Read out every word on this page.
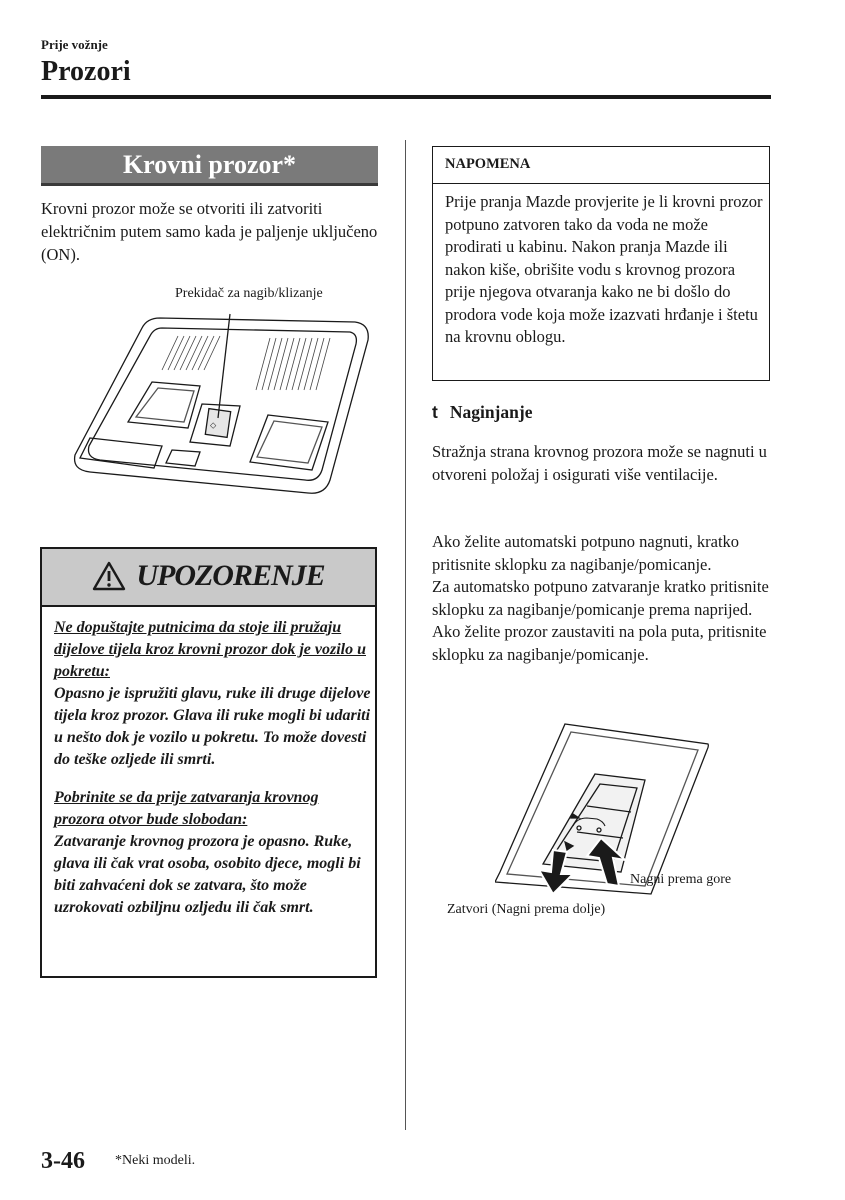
Prije vožnje
Prozori
Krovni prozor*
Krovni prozor može se otvoriti ili zatvoriti električnim putem samo kada je paljenje uključeno (ON).
Prekidač za nagib/klizanje
⬦
UPOZORENJE

Ne dopuštajte putnicima da stoje ili pružaju dijelove tijela kroz krovni prozor dok je vozilo u pokretu:
Opasno je ispružiti glavu, ruke ili druge dijelove tijela kroz prozor. Glava ili ruke mogli bi udariti u nešto dok je vozilo u pokretu. To može dovesti do teške ozljede ili smrti.

Pobrinite se da prije zatvaranja krovnog prozora otvor bude slobodan:
Zatvaranje krovnog prozora je opasno. Ruke, glava ili čak vrat osoba, osobito djece, mogli bi biti zahvaćeni dok se zatvara, što može uzrokovati ozbiljnu ozljedu ili čak smrt.

NAPOMENA
Prije pranja Mazde provjerite je li krovni prozor potpuno zatvoren tako da voda ne može prodirati u kabinu. Nakon pranja Mazde ili nakon kiše, obrišite vodu s krovnog prozora prije njegova otvaranja kako ne bi došlo do prodora vode koja može izazvati hrđanje i štetu na krovnu oblogu.
t Naginjanje
Stražnja strana krovnog prozora može se nagnuti u otvoreni položaj i osigurati više ventilacije.
Ako želite automatski potpuno nagnuti, kratko pritisnite sklopku za nagibanje/pomicanje.
Za automatsko potpuno zatvaranje kratko pritisnite sklopku za nagibanje/pomicanje prema naprijed.
Ako želite prozor zaustaviti na pola puta, pritisnite sklopku za nagibanje/pomicanje.
Nagni prema gore
Zatvori (Nagni prema dolje)
3-46 *Neki modeli.
